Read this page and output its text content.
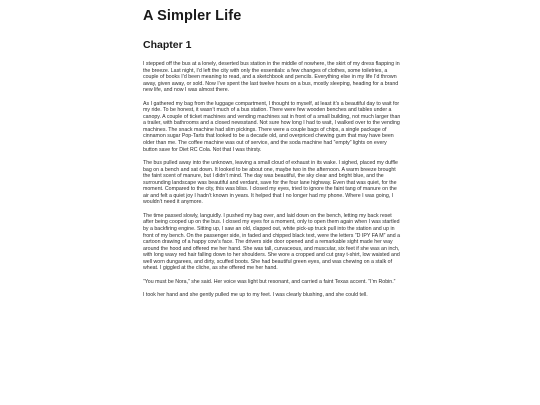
A Simpler Life
Chapter 1

I stepped off the bus at a lonely, deserted bus station in the middle of nowhere, the skirt of my dress flapping in the breeze. Last night, I’d left the city with only the essentials: a few changes of clothes, some toiletries, a couple of books I’d been meaning to read, and a sketchbook and pencils. Everything else in my life I’d thrown away, given away, or sold. Now I’ve spent the last twelve hours on a bus, mostly sleeping, heading for a brand new life, and now I was almost there.

As I gathered my bag from the luggage compartment, I thought to myself, at least it’s a beautiful day to wait for my ride. To be honest, it wasn’t much of a bus station. There were few wooden benches and tables under a canopy. A couple of ticket machines and vending machines sat in front of a small building, not much larger than a trailer, with bathrooms and a closed newsstand. Not sure how long I had to wait, I walked over to the vending machines. The snack machine had slim pickings. There were a couple bags of chips, a single package of cinnamon sugar Pop-Tarts that looked to be a decade old, and overpriced chewing gum that may have been older than me. The coffee machine was out of service, and the soda machine had “empty” lights on every button save for Diet RC Cola. Not that I was thirsty.

The bus pulled away into the unknown, leaving a small cloud of exhaust in its wake. I sighed, placed my duffle bag on a bench and sat down. It looked to be about one, maybe two in the afternoon. A warm breeze brought the faint scent of manure, but I didn’t mind. The day was beautiful, the sky clear and bright blue, and the surrounding landscape was beautiful and verdant, save for the four lane highway. Even that was quiet, for the moment. Compared to the city, this was bliss. I closed my eyes, tried to ignore the faint tang of manure on the air and felt a quiet joy I hadn’t known in years. It helped that I no longer had my phone. Where I was going, I wouldn’t need it anymore.

The time passed slowly, languidly. I pushed my bag over, and laid down on the bench, letting my back reset after being cooped up on the bus. I closed my eyes for a moment, only to open them again when I was startled by a backfiring engine. Sitting up, I saw an old, clapped out, white pick-up truck pull into the station and up in front of my bench. On the passenger side, in faded and chipped black text, were the letters “D IPY FA M” and a cartoon drawing of a happy cow’s face. The drivers side door opened and a remarkable sight made her way around the hood and offered me her hand. She was tall, curvaceous, and muscular, six feet if she was an inch, with long wavy red hair falling down to her shoulders. She wore a cropped and cut gray t-shirt, low waisted and well worn dungarees, and dirty, scuffed boots. She had beautiful green eyes, and was chewing on a stalk of wheat. I giggled at the cliche, as she offered me her hand.

“You must be Nora,” she said. Her voice was light but resonant, and carried a faint Texas accent. “I’m Robin.”

I took her hand and she gently pulled me up to my feet. I was clearly blushing, and she could tell.
